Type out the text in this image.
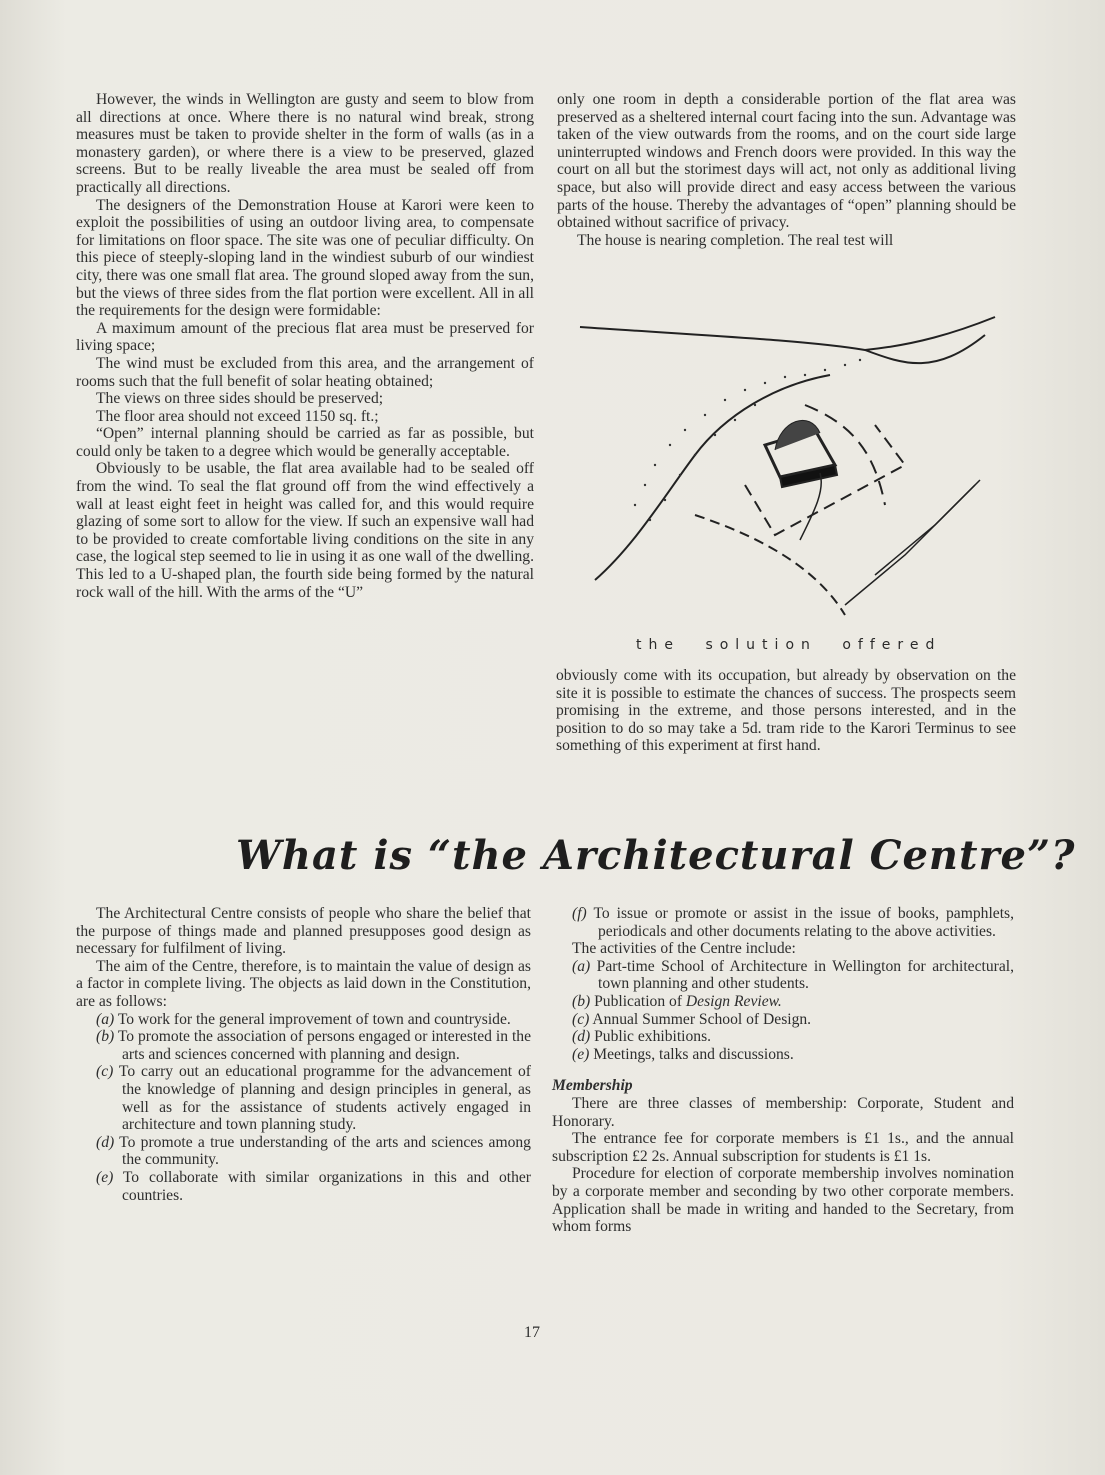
However, the winds in Wellington are gusty and seem to blow from all directions at once. Where there is no natural wind break, strong measures must be taken to provide shelter in the form of walls (as in a monastery garden), or where there is a view to be preserved, glazed screens. But to be really liveable the area must be sealed off from practically all directions.

The designers of the Demonstration House at Karori were keen to exploit the possibilities of using an outdoor living area, to compensate for limitations on floor space. The site was one of peculiar difficulty. On this piece of steeply-sloping land in the windiest suburb of our windiest city, there was one small flat area. The ground sloped away from the sun, but the views of three sides from the flat portion were excellent. All in all the requirements for the design were formidable:

A maximum amount of the precious flat area must be preserved for living space;

The wind must be excluded from this area, and the arrangement of rooms such that the full benefit of solar heating obtained;

The views on three sides should be preserved;

The floor area should not exceed 1150 sq. ft.;

“Open” internal planning should be carried as far as possible, but could only be taken to a degree which would be generally acceptable.

Obviously to be usable, the flat area available had to be sealed off from the wind. To seal the flat ground off from the wind effectively a wall at least eight feet in height was called for, and this would require glazing of some sort to allow for the view. If such an expensive wall had to be provided to create comfortable living conditions on the site in any case, the logical step seemed to lie in using it as one wall of the dwelling. This led to a U-shaped plan, the fourth side being formed by the natural rock wall of the hill. With the arms of the “U”

only one room in depth a considerable portion of the flat area was preserved as a sheltered internal court facing into the sun. Advantage was taken of the view outwards from the rooms, and on the court side large uninterrupted windows and French doors were provided. In this way the court on all but the storimest days will act, not only as additional living space, but also will provide direct and easy access between the various parts of the house. Thereby the advantages of “open” planning should be obtained without sacrifice of privacy.

The house is nearing completion. The real test will

the solution offered

obviously come with its occupation, but already by observation on the site it is possible to estimate the chances of success. The prospects seem promising in the extreme, and those persons interested, and in the position to do so may take a 5d. tram ride to the Karori Terminus to see something of this experiment at first hand.

What is “the Architectural Centre”?

The Architectural Centre consists of people who share the belief that the purpose of things made and planned presupposes good design as necessary for fulfilment of living.

The aim of the Centre, therefore, is to maintain the value of design as a factor in complete living. The objects as laid down in the Constitution, are as follows:

(a) To work for the general improvement of town and countryside.

(b) To promote the association of persons engaged or interested in the arts and sciences concerned with planning and design.

(c) To carry out an educational programme for the advancement of the knowledge of planning and design principles in general, as well as for the assistance of students actively engaged in architecture and town planning study.

(d) To promote a true understanding of the arts and sciences among the community.

(e) To collaborate with similar organizations in this and other countries.

(f) To issue or promote or assist in the issue of books, pamphlets, periodicals and other documents relating to the above activities.

The activities of the Centre include:

(a) Part-time School of Architecture in Wellington for architectural, town planning and other students.

(b) Publication of Design Review.

(c) Annual Summer School of Design.

(d) Public exhibitions.

(e) Meetings, talks and discussions.

Membership

There are three classes of membership: Corporate, Student and Honorary.

The entrance fee for corporate members is £1 1s., and the annual subscription £2 2s. Annual subscription for students is £1 1s.

Procedure for election of corporate membership involves nomination by a corporate member and seconding by two other corporate members. Application shall be made in writing and handed to the Secretary, from whom forms

17
